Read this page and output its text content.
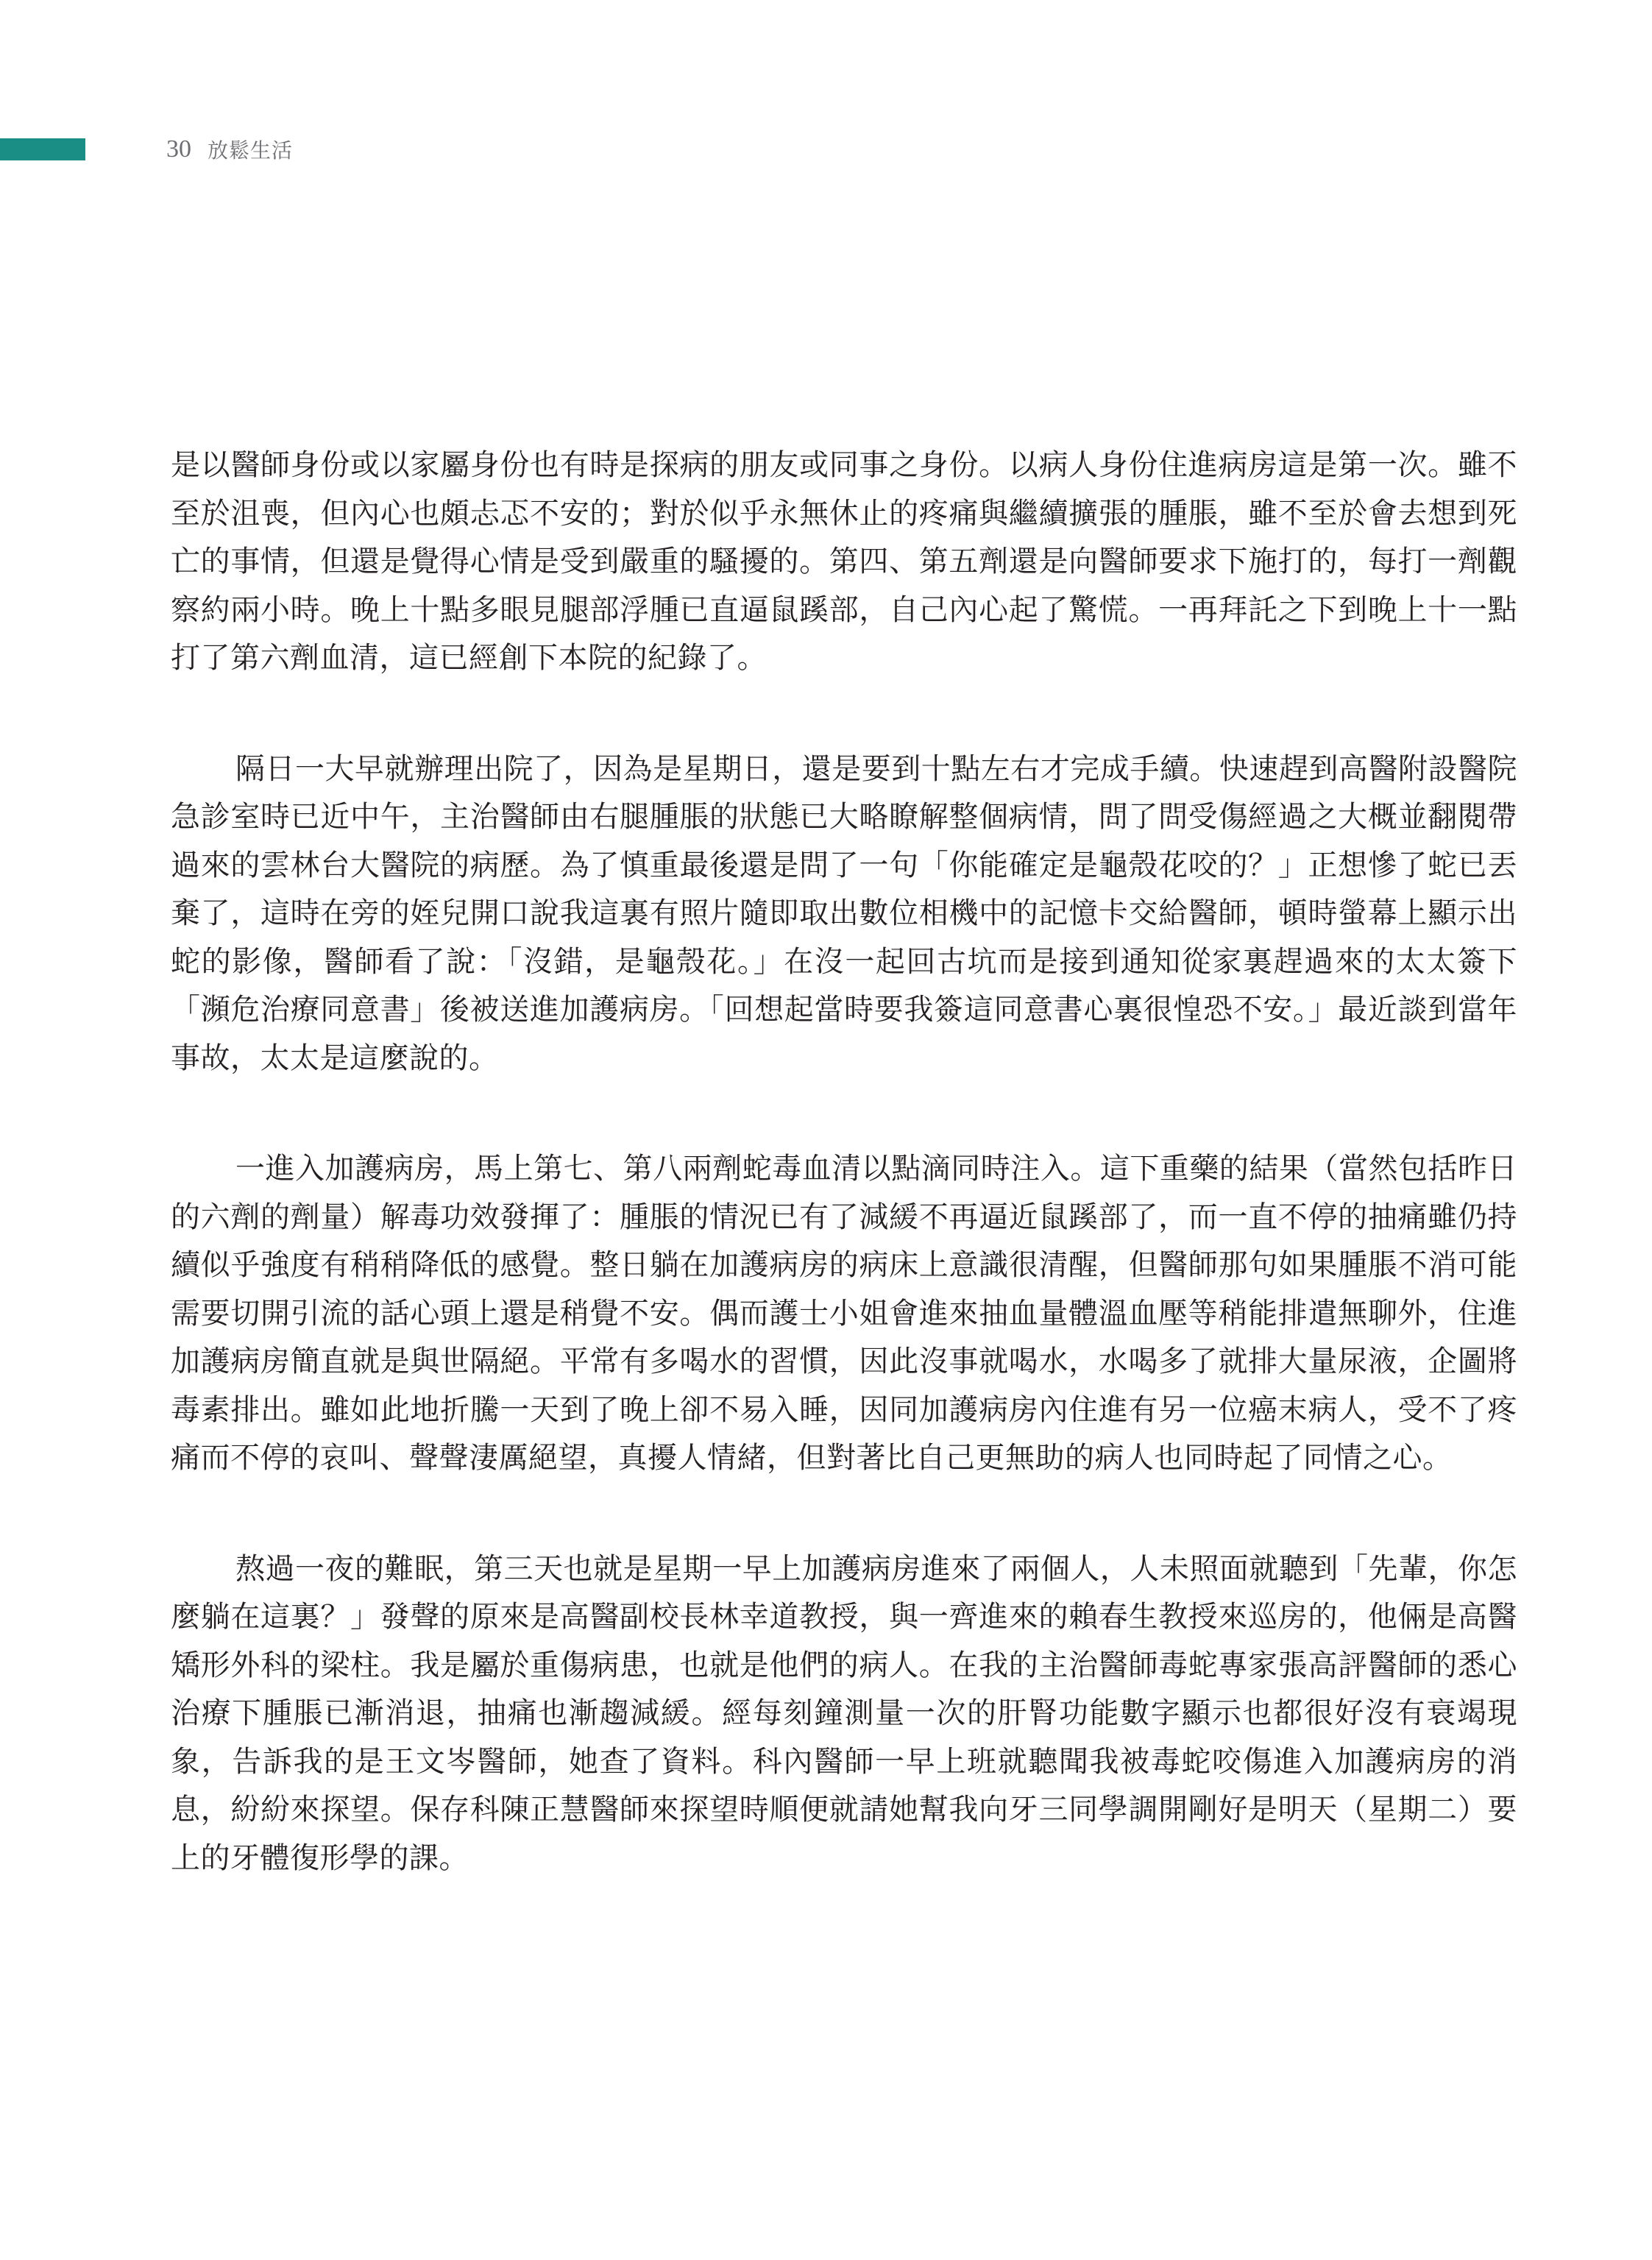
30 放鬆生活

是以醫師身份或以家屬身份也有時是探病的朋友或同事之身份。以病人身份住進病房這是第一次。雖不至於沮喪，但內心也頗忐忑不安的；對於似乎永無休止的疼痛與繼續擴張的腫脹，雖不至於會去想到死亡的事情，但還是覺得心情是受到嚴重的騷擾的。第四、第五劑還是向醫師要求下施打的，每打一劑觀察約兩小時。晚上十點多眼見腿部浮腫已直逼鼠蹊部，自己內心起了驚慌。一再拜託之下到晚上十一點打了第六劑血清，這已經創下本院的紀錄了。

隔日一大早就辦理出院了，因為是星期日，還是要到十點左右才完成手續。快速趕到高醫附設醫院急診室時已近中午，主治醫師由右腿腫脹的狀態已大略瞭解整個病情，問了問受傷經過之大概並翻閱帶過來的雲林台大醫院的病歷。為了慎重最後還是問了一句「你能確定是龜殼花咬的？」正想慘了蛇已丟棄了，這時在旁的姪兒開口說我這裏有照片隨即取出數位相機中的記憶卡交給醫師，頓時螢幕上顯示出蛇的影像，醫師看了說：「沒錯，是龜殼花。」在沒一起回古坑而是接到通知從家裏趕過來的太太簽下「瀕危治療同意書」後被送進加護病房。「回想起當時要我簽這同意書心裏很惶恐不安。」最近談到當年事故，太太是這麼說的。

一進入加護病房，馬上第七、第八兩劑蛇毒血清以點滴同時注入。這下重藥的結果（當然包括昨日的六劑的劑量）解毒功效發揮了：腫脹的情況已有了減緩不再逼近鼠蹊部了，而一直不停的抽痛雖仍持續似乎強度有稍稍降低的感覺。整日躺在加護病房的病床上意識很清醒，但醫師那句如果腫脹不消可能需要切開引流的話心頭上還是稍覺不安。偶而護士小姐會進來抽血量體溫血壓等稍能排遣無聊外，住進加護病房簡直就是與世隔絕。平常有多喝水的習慣，因此沒事就喝水，水喝多了就排大量尿液，企圖將毒素排出。雖如此地折騰一天到了晚上卻不易入睡，因同加護病房內住進有另一位癌末病人，受不了疼痛而不停的哀叫、聲聲淒厲絕望，真擾人情緒，但對著比自己更無助的病人也同時起了同情之心。

熬過一夜的難眠，第三天也就是星期一早上加護病房進來了兩個人，人未照面就聽到「先輩，你怎麼躺在這裏？」發聲的原來是高醫副校長林幸道教授，與一齊進來的賴春生教授來巡房的，他倆是高醫矯形外科的梁柱。我是屬於重傷病患，也就是他們的病人。在我的主治醫師毒蛇專家張高評醫師的悉心治療下腫脹已漸消退，抽痛也漸趨減緩。經每刻鐘測量一次的肝腎功能數字顯示也都很好沒有衰竭現象，告訴我的是王文岑醫師，她查了資料。科內醫師一早上班就聽聞我被毒蛇咬傷進入加護病房的消息，紛紛來探望。保存科陳正慧醫師來探望時順便就請她幫我向牙三同學調開剛好是明天（星期二）要上的牙體復形學的課。
